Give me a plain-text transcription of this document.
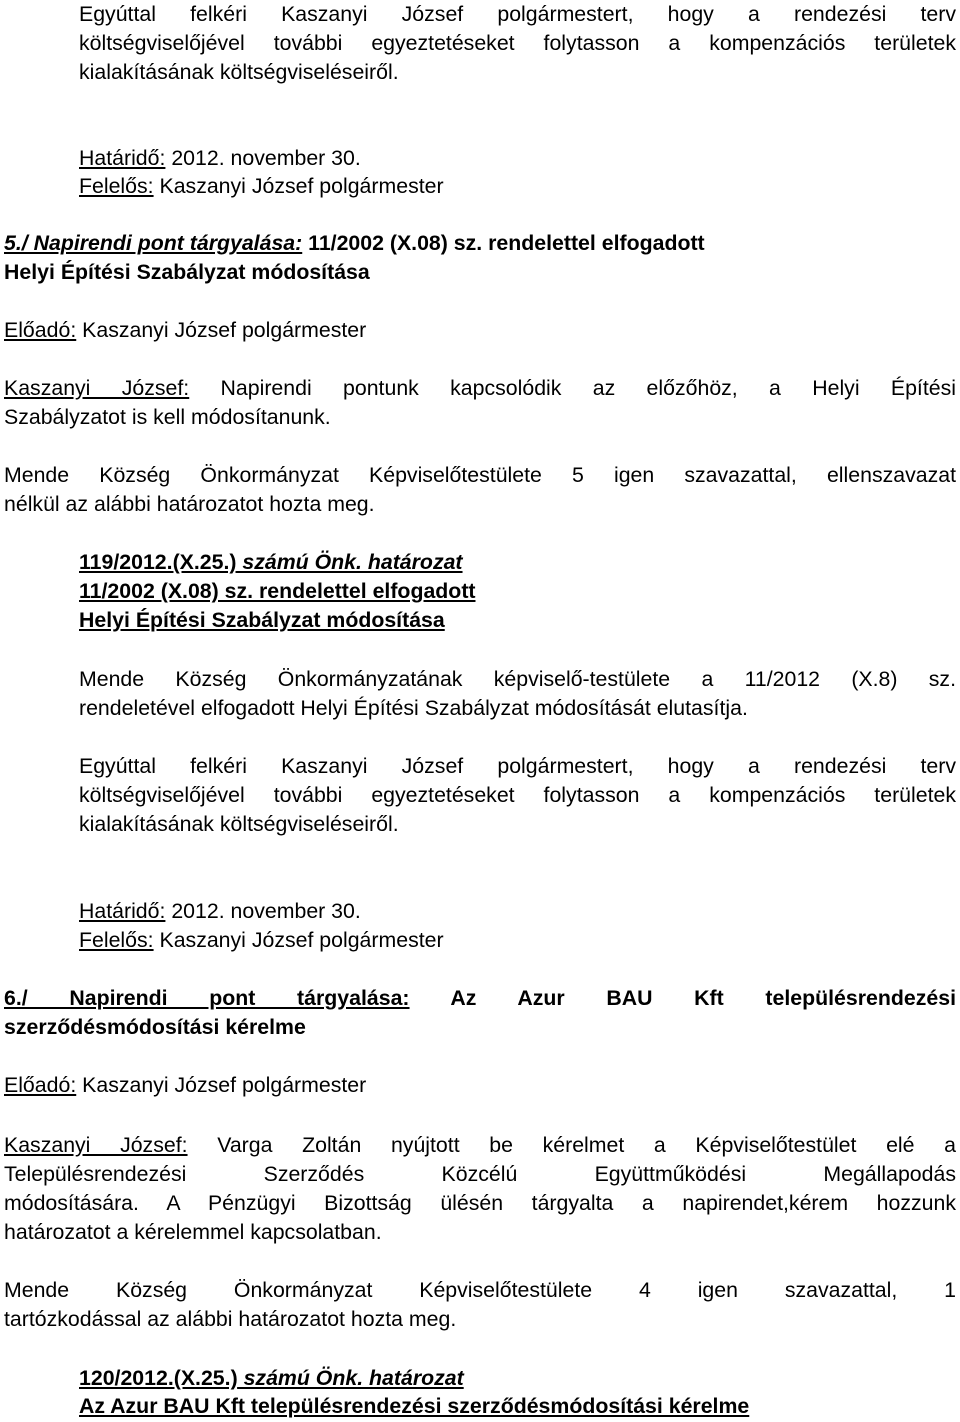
Egyúttal felkéri Kaszanyi József polgármestert, hogy a rendezési terv
költségviselőjével további egyeztetéseket folytasson a kompenzációs területek
kialakításának költségviseléseiről.
Határidő: 2012. november 30.
Felelős: Kaszanyi József polgármester
5./ Napirendi pont tárgyalása: 11/2002 (X.08) sz. rendelettel elfogadott
Helyi Építési Szabályzat módosítása
Előadó: Kaszanyi József polgármester
Kaszanyi József: Napirendi pontunk kapcsolódik az előzőhöz, a Helyi Építési
Szabályzatot is kell módosítanunk.
Mende Község Önkormányzat Képviselőtestülete 5 igen szavazattal, ellenszavazat
nélkül az alábbi határozatot hozta meg.
119/2012.(X.25.) számú Önk. határozat
11/2002 (X.08) sz. rendelettel elfogadott
Helyi Építési Szabályzat módosítása
Mende Község Önkormányzatának képviselő-testülete a 11/2012 (X.8) sz.
rendeletével elfogadott Helyi Építési Szabályzat módosítását elutasítja.
Egyúttal felkéri Kaszanyi József polgármestert, hogy a rendezési terv
költségviselőjével további egyeztetéseket folytasson a kompenzációs területek
kialakításának költségviseléseiről.
Határidő: 2012. november 30.
Felelős: Kaszanyi József polgármester
6./ Napirendi pont tárgyalása: Az Azur BAU Kft településrendezési
szerződésmódosítási kérelme
Előadó: Kaszanyi József polgármester
Kaszanyi József: Varga Zoltán nyújtott be kérelmet a Képviselőtestület elé a
Településrendezési Szerződés Közcélú Együttműködési Megállapodás
módosítására. A Pénzügyi Bizottság ülésén tárgyalta a napirendet,kérem hozzunk
határozatot a kérelemmel kapcsolatban.
Mende Község Önkormányzat Képviselőtestülete 4 igen szavazattal, 1
tartózkodással az alábbi határozatot hozta meg.
120/2012.(X.25.) számú Önk. határozat
Az Azur BAU Kft településrendezési szerződésmódosítási kérelme
